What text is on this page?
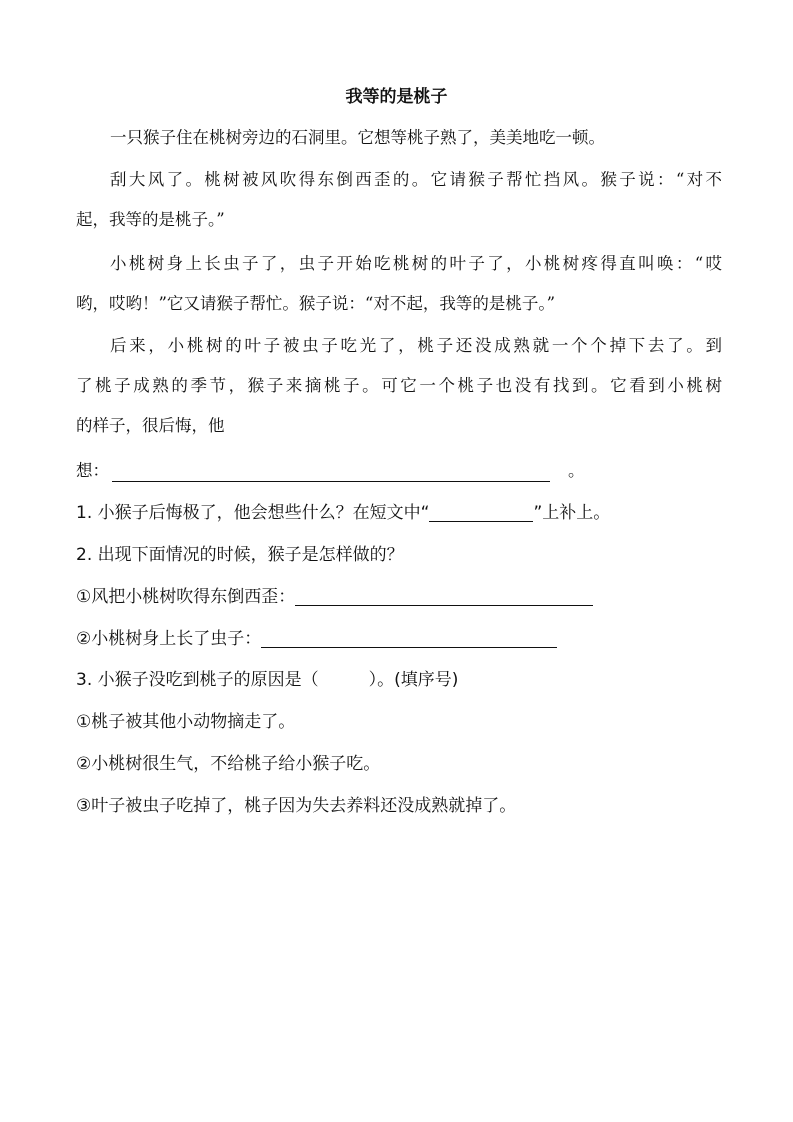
我等的是桃子
一只猴子住在桃树旁边的石洞里。它想等桃子熟了，美美地吃一顿。
刮大风了。桃树被风吹得东倒西歪的。它请猴子帮忙挡风。猴子说：“对不
起，我等的是桃子。”
小桃树身上长虫子了，虫子开始吃桃树的叶子了，小桃树疼得直叫唤：“哎
哟，哎哟！”它又请猴子帮忙。猴子说：“对不起，我等的是桃子。”
后来，小桃树的叶子被虫子吃光了，桃子还没成熟就一个个掉下去了。到
了桃子成熟的季节，猴子来摘桃子。可它一个桃子也没有找到。它看到小桃树
的样子，很后悔，他
想：	。
1. 小猴子后悔极了，他会想些什么？在短文中“	”上补上。
2. 出现下面情况的时候，猴子是怎样做的？
①风把小桃树吹得东倒西歪：
②小桃树身上长了虫子：
3. 小猴子没吃到桃子的原因是（	）。(填序号)
①桃子被其他小动物摘走了。
②小桃树很生气，不给桃子给小猴子吃。
③叶子被虫子吃掉了，桃子因为失去养料还没成熟就掉了。
